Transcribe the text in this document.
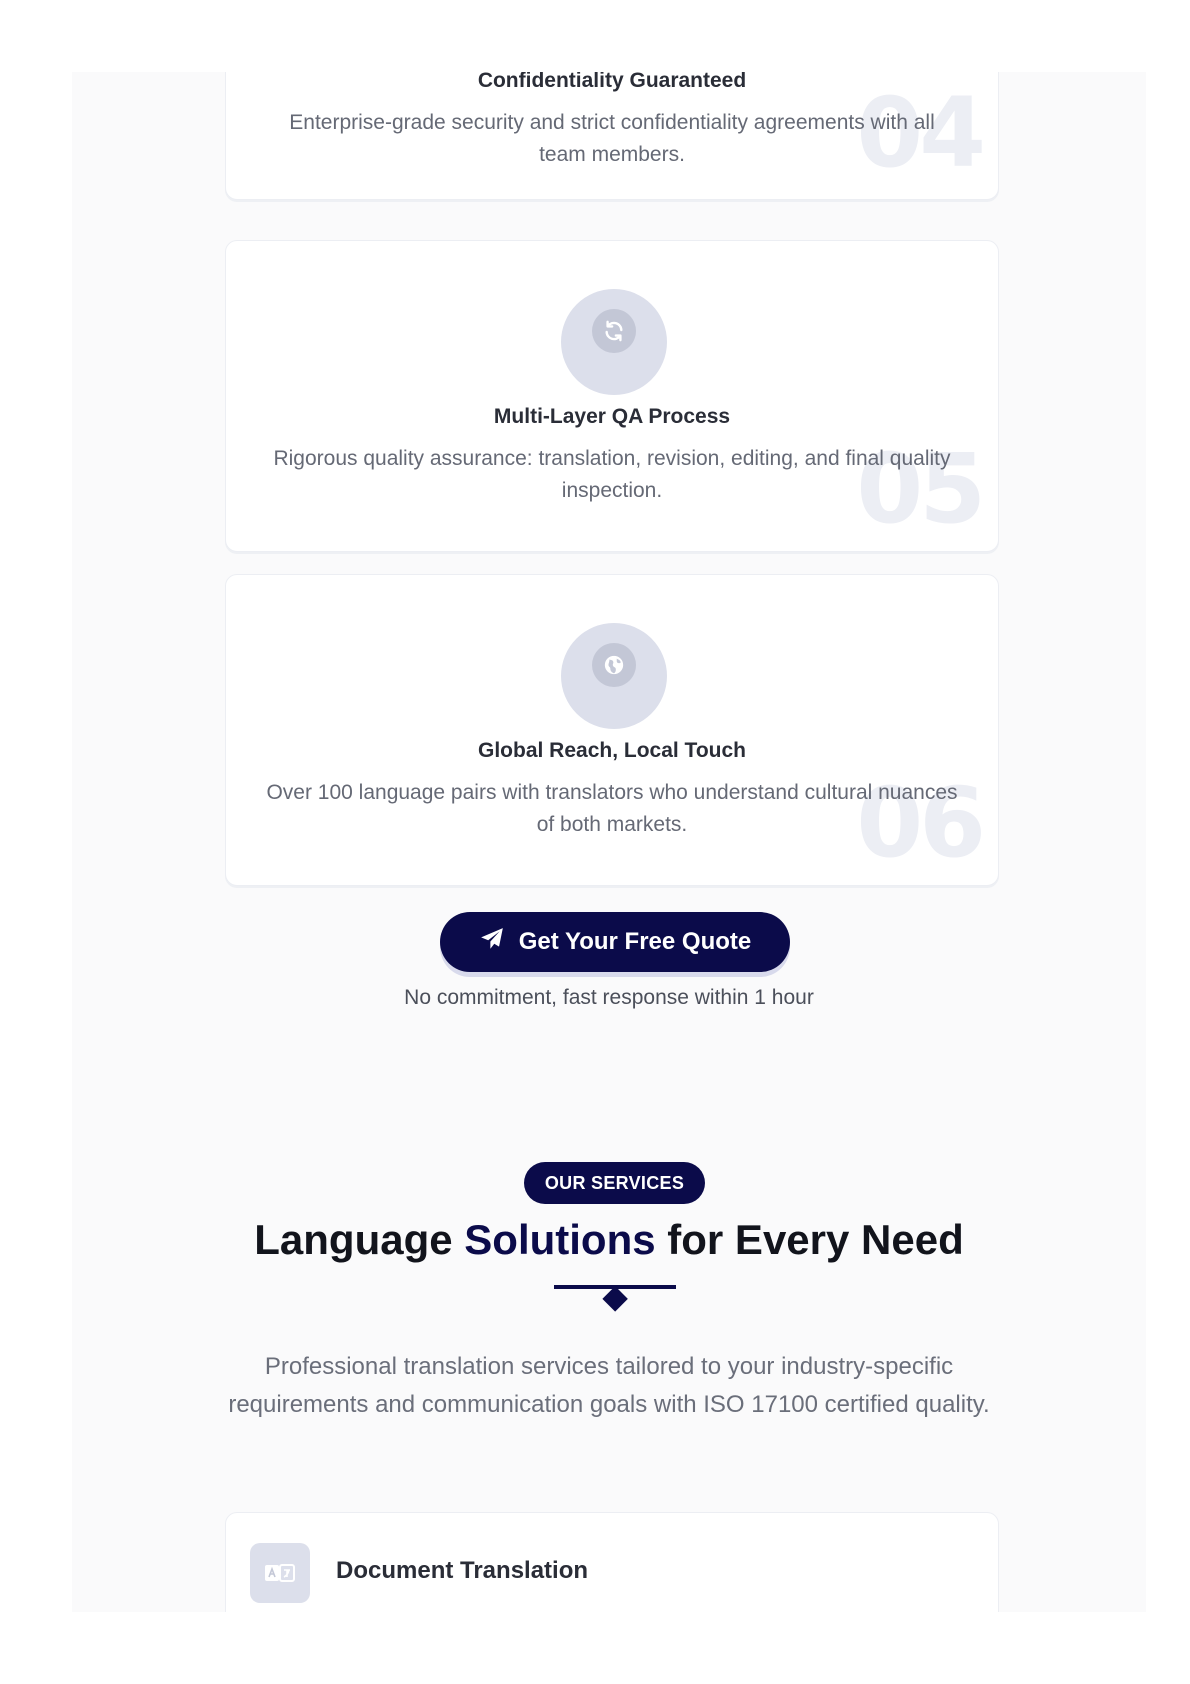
04
Confidentiality Guaranteed
Enterprise-grade security and strict confidentiality agreements with all team members.
05
Multi-Layer QA Process
Rigorous quality assurance: translation, revision, editing, and final quality inspection.
06
Global Reach, Local Touch
Over 100 language pairs with translators who understand cultural nuances of both markets.
Get Your Free Quote
No commitment, fast response within 1 hour
OUR SERVICES
Language Solutions for Every Need
Professional translation services tailored to your industry-specific requirements and communication goals with ISO 17100 certified quality.
Document Translation
